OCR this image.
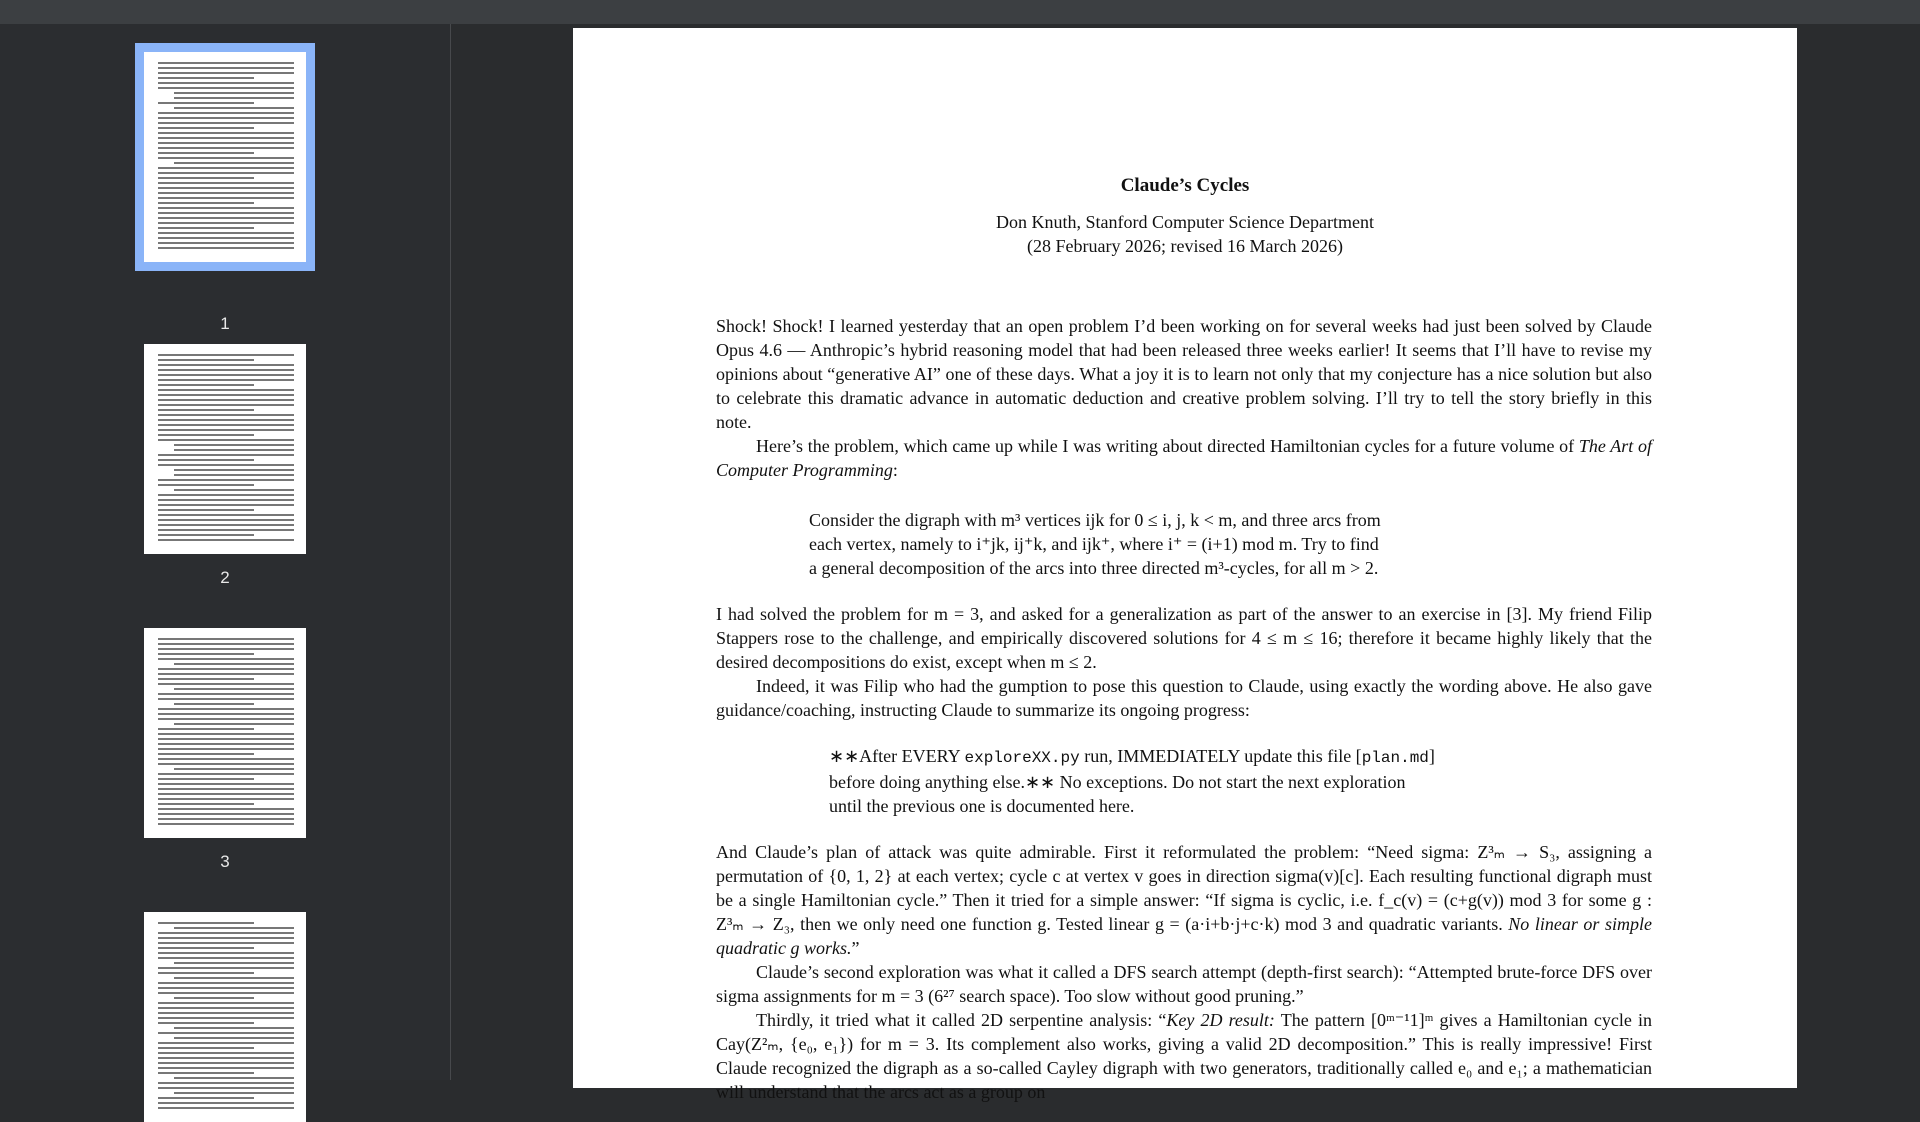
1
2
3
Claude’s Cycles
Don Knuth, Stanford Computer Science Department
(28 February 2026; revised 16 March 2026)

Shock! Shock! I learned yesterday that an open problem I’d been working on for several weeks had just been solved by Claude Opus 4.6 — Anthropic’s hybrid reasoning model that had been released three weeks earlier! It seems that I’ll have to revise my opinions about “generative AI” one of these days. What a joy it is to learn not only that my conjecture has a nice solution but also to celebrate this dramatic advance in automatic deduction and creative problem solving. I’ll try to tell the story briefly in this note.

Here’s the problem, which came up while I was writing about directed Hamiltonian cycles for a future volume of The Art of Computer Programming:

Consider the digraph with m³ vertices ijk for 0 ≤ i, j, k < m, and three arcs from
each vertex, namely to i⁺jk, ij⁺k, and ijk⁺, where i⁺ = (i+1) mod m. Try to find
a general decomposition of the arcs into three directed m³-cycles, for all m > 2.

I had solved the problem for m = 3, and asked for a generalization as part of the answer to an exercise in [3]. My friend Filip Stappers rose to the challenge, and empirically discovered solutions for 4 ≤ m ≤ 16; therefore it became highly likely that the desired decompositions do exist, except when m ≤ 2.

Indeed, it was Filip who had the gumption to pose this question to Claude, using exactly the wording above. He also gave guidance/coaching, instructing Claude to summarize its ongoing progress:

∗∗After EVERY exploreXX.py run, IMMEDIATELY update this file [plan.md]
before doing anything else.∗∗ No exceptions. Do not start the next exploration
until the previous one is documented here.

And Claude’s plan of attack was quite admirable. First it reformulated the problem: “Need sigma: Z³ₘ → S₃, assigning a permutation of {0, 1, 2} at each vertex; cycle c at vertex v goes in direction sigma(v)[c]. Each resulting functional digraph must be a single Hamiltonian cycle.” Then it tried for a simple answer: “If sigma is cyclic, i.e. f_c(v) = (c+g(v)) mod 3 for some g : Z³ₘ → Z₃, then we only need one function g. Tested linear g = (a·i+b·j+c·k) mod 3 and quadratic variants. No linear or simple quadratic g works.”

Claude’s second exploration was what it called a DFS search attempt (depth-first search): “Attempted brute-force DFS over sigma assignments for m = 3 (6²⁷ search space). Too slow without good pruning.”

Thirdly, it tried what it called 2D serpentine analysis: “Key 2D result: The pattern [0ᵐ⁻¹1]ᵐ gives a Hamiltonian cycle in Cay(Z²ₘ, {e₀, e₁}) for m = 3. Its complement also works, giving a valid 2D decomposition.” This is really impressive! First Claude recognized the digraph as a so-called Cayley digraph with two generators, traditionally called e₀ and e₁; a mathematician will understand that the arcs act as a group on
